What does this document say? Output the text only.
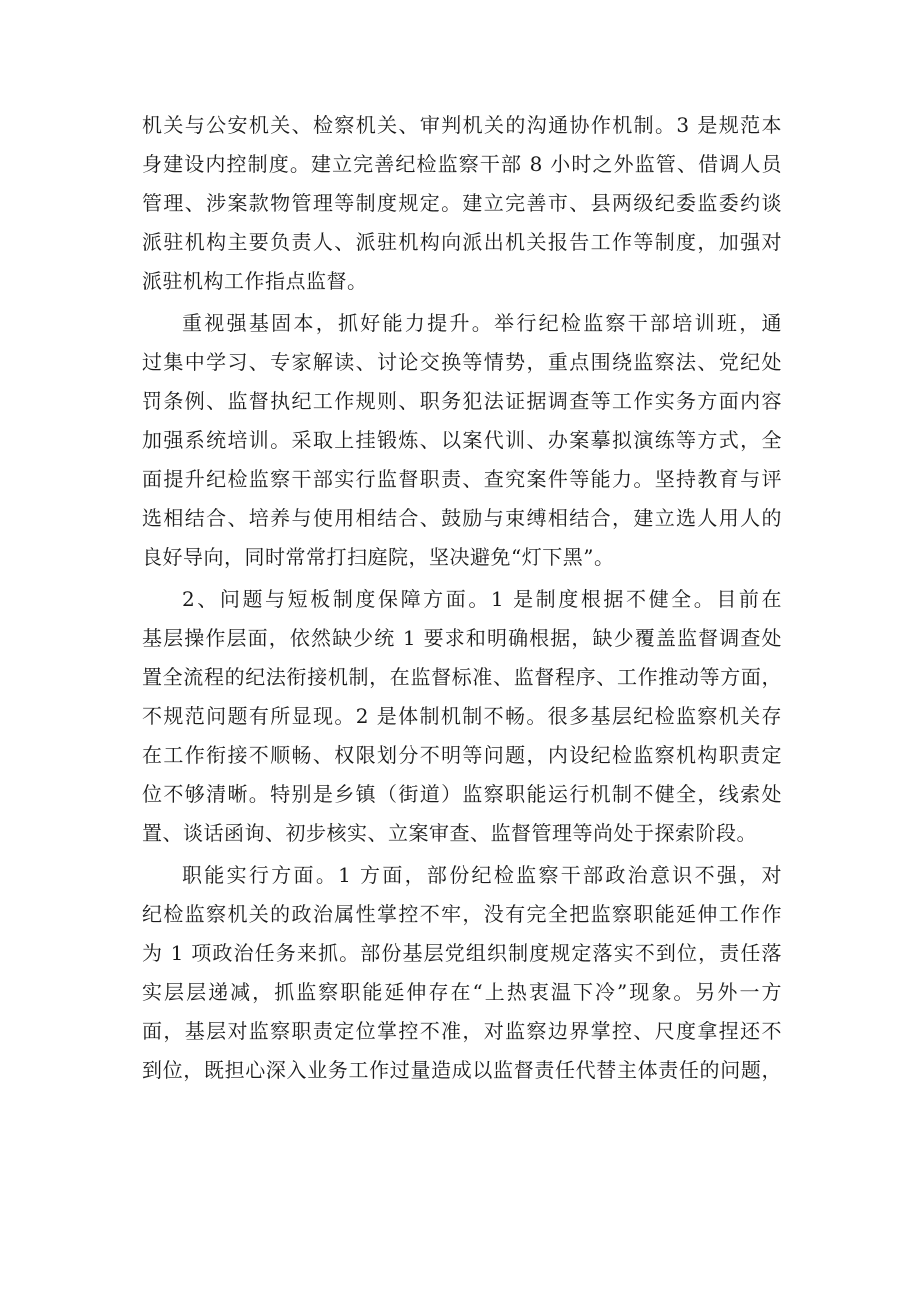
机关与公安机关、检察机关、审判机关的沟通协作机制。3 是规范本
身建设内控制度。建立完善纪检监察干部 8 小时之外监管、借调人员
管理、涉案款物管理等制度规定。建立完善市、县两级纪委监委约谈
派驻机构主要负责人、派驻机构向派出机关报告工作等制度，加强对
派驻机构工作指点监督。
重视强基固本，抓好能力提升。举行纪检监察干部培训班，通
过集中学习、专家解读、讨论交换等情势，重点围绕监察法、党纪处
罚条例、监督执纪工作规则、职务犯法证据调查等工作实务方面内容
加强系统培训。采取上挂锻炼、以案代训、办案摹拟演练等方式，全
面提升纪检监察干部实行监督职责、查究案件等能力。坚持教育与评
选相结合、培养与使用相结合、鼓励与束缚相结合，建立选人用人的
良好导向，同时常常打扫庭院，坚决避免“灯下黑”。
2、问题与短板制度保障方面。1 是制度根据不健全。目前在
基层操作层面，依然缺少统 1 要求和明确根据，缺少覆盖监督调查处
置全流程的纪法衔接机制，在监督标准、监督程序、工作推动等方面，
不规范问题有所显现。2 是体制机制不畅。很多基层纪检监察机关存
在工作衔接不顺畅、权限划分不明等问题，内设纪检监察机构职责定
位不够清晰。特别是乡镇（街道）监察职能运行机制不健全，线索处
置、谈话函询、初步核实、立案审查、监督管理等尚处于探索阶段。
职能实行方面。1 方面，部份纪检监察干部政治意识不强，对
纪检监察机关的政治属性掌控不牢，没有完全把监察职能延伸工作作
为 1 项政治任务来抓。部份基层党组织制度规定落实不到位，责任落
实层层递减，抓监察职能延伸存在“上热衷温下冷”现象。另外一方
面，基层对监察职责定位掌控不准，对监察边界掌控、尺度拿捏还不
到位，既担心深入业务工作过量造成以监督责任代替主体责任的问题，
